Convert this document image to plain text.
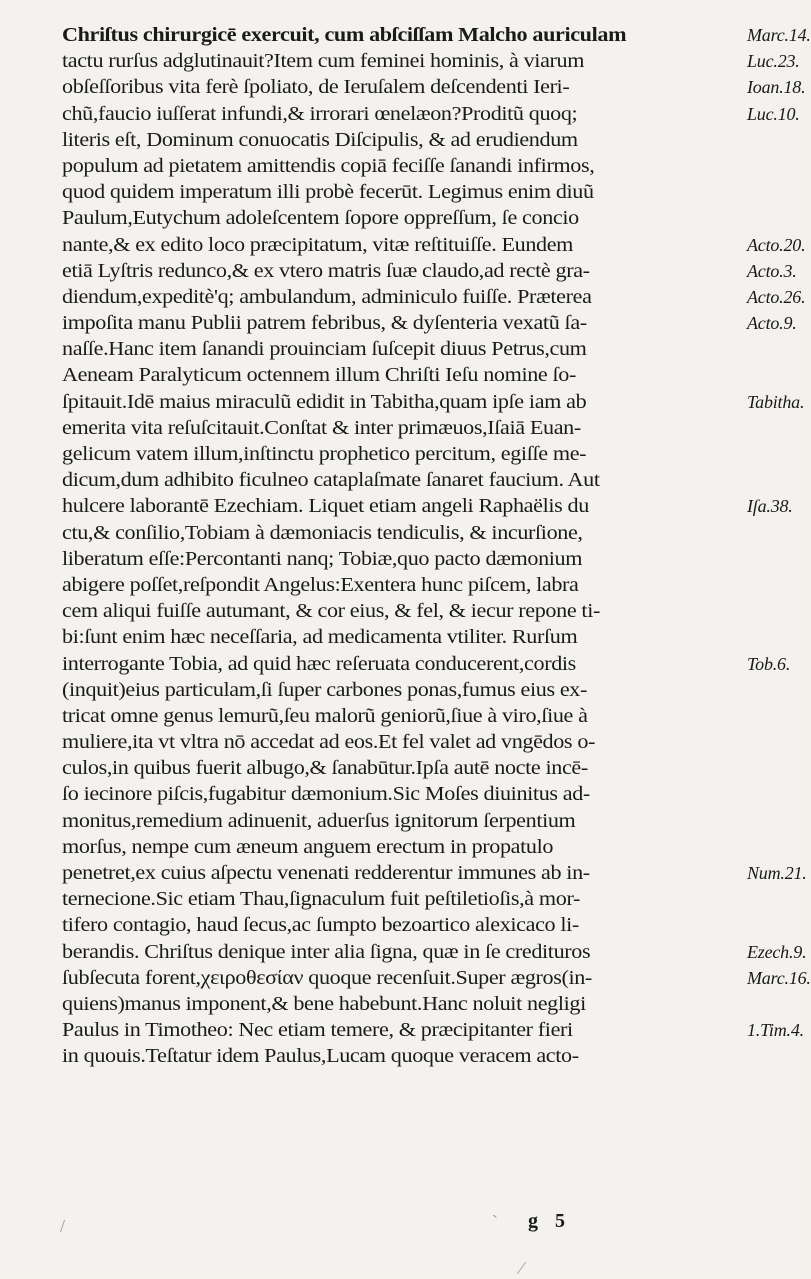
Chriſtus chirurgicē exercuit, cum abſciſſam Malcho auriculam	Marc.14.
tactu rurſus adglutinauit?Item cum feminei hominis, à viarum	Luc.23.
obſeſſoribus vita ferè ſpoliato, de Ieruſalem deſcendenti Ieri-	Ioan.18.
chũ,faucio iuſſerat infundi,& irrorari œnelæon?Proditũ quoq;	Luc.10.
literis eſt, Dominum conuocatis Diſcipulis, & ad erudiendum
populum ad pietatem amittendis copiā feciſſe ſanandi infirmos,
quod quidem imperatum illi probè fecerūt. Legimus enim diuũ
Paulum,Eutychum adoleſcentem ſopore oppreſſum, ſe concio
nante,& ex edito loco præcipitatum, vitæ reſtituiſſe. Eundem	Acto.20.
etiā Lyſtris redunco,& ex vtero matris ſuæ claudo,ad rectè gra-	Acto.3.
diendum,expeditè'q; ambulandum, adminiculo fuiſſe. Præterea	Acto.26.
impoſita manu Publii patrem febribus, & dyſenteria vexatũ ſa-	Acto.9.
naſſe.Hanc item ſanandi prouinciam ſuſcepit diuus Petrus,cum
Aeneam Paralyticum octennem illum Chriſti Ieſu nomine ſo-
ſpitauit.Idē maius miraculũ edidit in Tabitha,quam ipſe iam ab	Tabitha.
emerita vita reſuſcitauit.Conſtat & inter primæuos,Iſaiā Euan-
gelicum vatem illum,inſtinctu prophetico percitum, egiſſe me-
dicum,dum adhibito ficulneo cataplaſmate ſanaret faucium. Aut
hulcere laborantē Ezechiam. Liquet etiam angeli Raphaëlis du	Iſa.38.
ctu,& conſilio,Tobiam à dæmoniacis tendiculis, & incurſione,
liberatum eſſe:Percontanti nanq; Tobiæ,quo pacto dæmonium
abigere poſſet,reſpondit Angelus:Exentera hunc piſcem, labra
cem aliqui fuiſſe autumant, & cor eius, & fel, & iecur repone ti-
bi:ſunt enim hæc neceſſaria, ad medicamenta vtiliter. Rurſum
interrogante Tobia, ad quid hæc reſeruata conducerent,cordis	Tob.6.
(inquit)eius particulam,ſi ſuper carbones ponas,fumus eius ex-
tricat omne genus lemurũ,ſeu malorũ geniorũ,ſiue à viro,ſiue à
muliere,ita vt vltra nō accedat ad eos.Et fel valet ad vngēdos o-
culos,in quibus fuerit albugo,& ſanabūtur.Ipſa autē nocte incē-
ſo iecinore piſcis,fugabitur dæmonium.Sic Moſes diuinitus ad-
monitus,remedium adinuenit, aduerſus ignitorum ſerpentium
morſus, nempe cum æneum anguem erectum in propatulo
penetret,ex cuius aſpectu venenati redderentur immunes ab in-	Num.21.
ternecione.Sic etiam Thau,ſignaculum fuit peſtiletioſis,à mor-
tifero contagio, haud ſecus,ac ſumpto bezoartico alexicaco li-
berandis. Chriſtus denique inter alia ſigna, quæ in ſe credituros	Ezech.9.
ſubſecuta forent,χειροθεσίαν quoque recenſuit.Super ægros(in-	Marc.16.
quiens)manus imponent,& bene habebunt.Hanc noluit negligi
Paulus in Timotheo: Nec etiam temere, & præcipitanter fieri	1.Tim.4.
in quouis.Teſtatur idem Paulus,Lucam quoque veracem acto-
g 5
/	ˋ
⁄
